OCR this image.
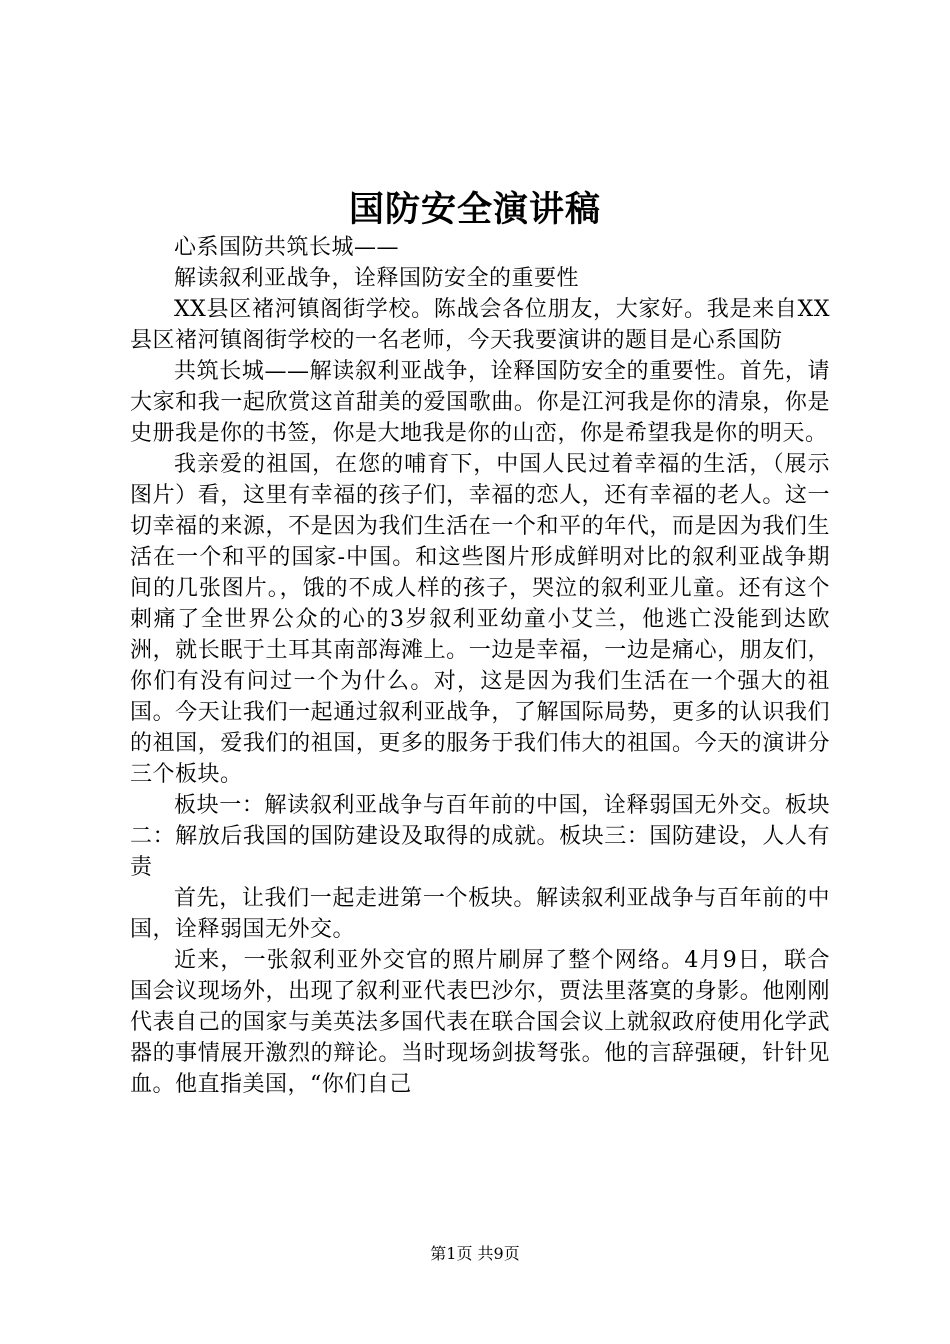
国防安全演讲稿

心系国防共筑长城——

解读叙利亚战争，诠释国防安全的重要性

XX县区褚河镇阁街学校。陈战会各位朋友，大家好。我是来自XX县区褚河镇阁街学校的一名老师，今天我要演讲的题目是心系国防

共筑长城——解读叙利亚战争，诠释国防安全的重要性。首先，请大家和我一起欣赏这首甜美的爱国歌曲。你是江河我是你的清泉，你是史册我是你的书签，你是大地我是你的山峦，你是希望我是你的明天。

我亲爱的祖国，在您的哺育下，中国人民过着幸福的生活，（展示图片）看，这里有幸福的孩子们，幸福的恋人，还有幸福的老人。这一切幸福的来源，不是因为我们生活在一个和平的年代，而是因为我们生活在一个和平的国家-中国。和这些图片形成鲜明对比的叙利亚战争期间的几张图片。，饿的不成人样的孩子，哭泣的叙利亚儿童。还有这个刺痛了全世界公众的心的3岁叙利亚幼童小艾兰，他逃亡没能到达欧洲，就长眠于土耳其南部海滩上。一边是幸福，一边是痛心，朋友们，你们有没有问过一个为什么。对，这是因为我们生活在一个强大的祖国。今天让我们一起通过叙利亚战争，了解国际局势，更多的认识我们的祖国，爱我们的祖国，更多的服务于我们伟大的祖国。今天的演讲分三个板块。

板块一：解读叙利亚战争与百年前的中国，诠释弱国无外交。板块二：解放后我国的国防建设及取得的成就。板块三：国防建设，人人有责

首先，让我们一起走进第一个板块。解读叙利亚战争与百年前的中国，诠释弱国无外交。

近来，一张叙利亚外交官的照片刷屏了整个网络。4月9日，联合国会议现场外，出现了叙利亚代表巴沙尔，贾法里落寞的身影。他刚刚代表自己的国家与美英法多国代表在联合国会议上就叙政府使用化学武器的事情展开激烈的辩论。当时现场剑拔弩张。他的言辞强硬，针针见血。他直指美国，“你们自己

第1页 共9页
